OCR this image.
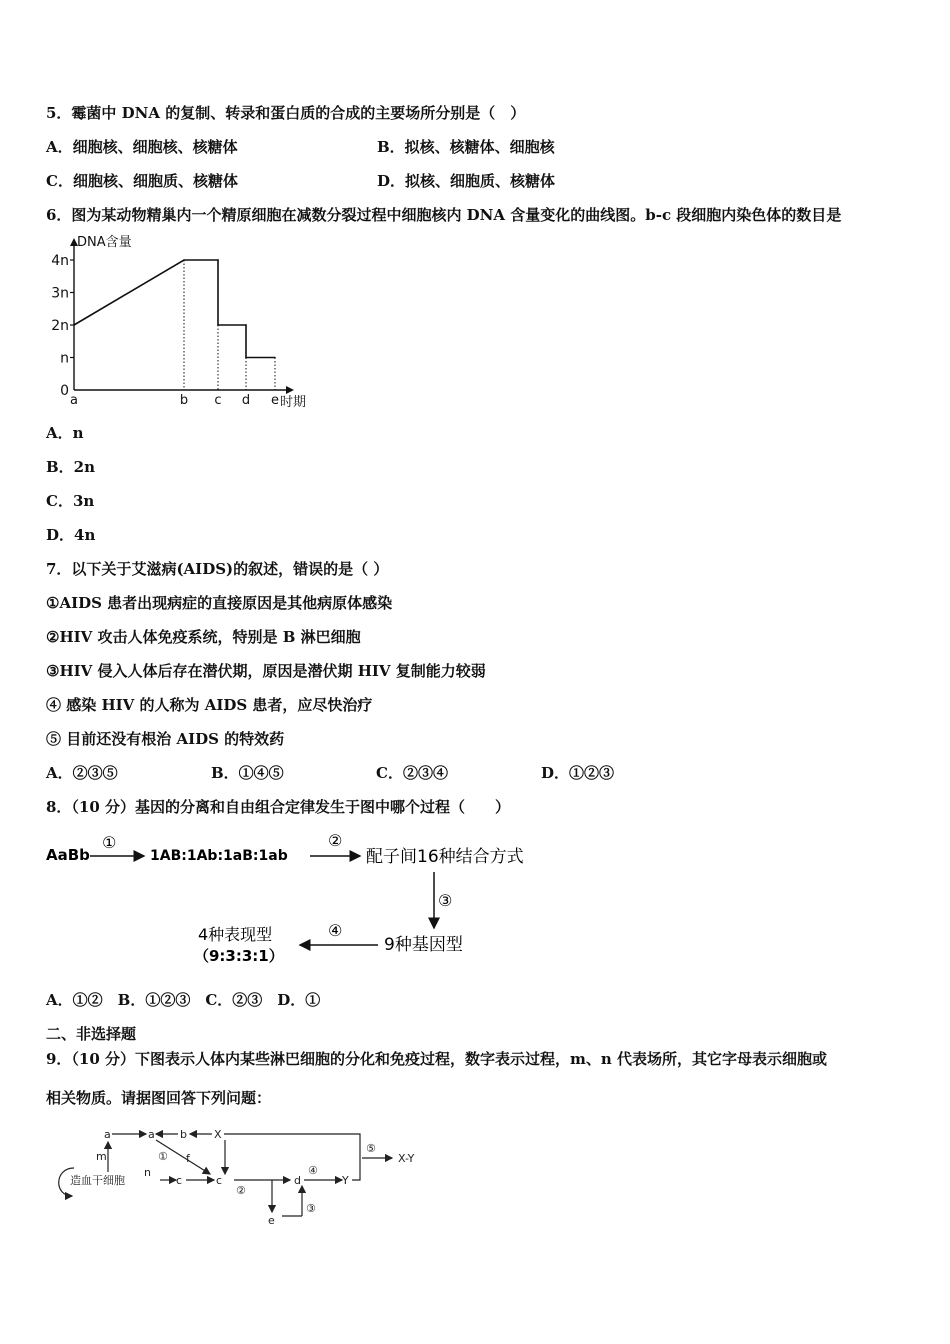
5．霉菌中 DNA 的复制、转录和蛋白质的合成的主要场所分别是（　）
A．细胞核、细胞核、核糖体	B．拟核、核糖体、细胞核
C．细胞核、细胞质、核糖体	D．拟核、细胞质、核糖体
6．图为某动物精巢内一个精原细胞在减数分裂过程中细胞核内 DNA 含量变化的曲线图。b-c 段细胞内染色体的数目是
0
n
2n
3n
4n
a	b c d e
DNA含量
时期
A．n
B．2n
C．3n
D．4n
7．以下关于艾滋病(AIDS)的叙述，错误的是（ ）
①AIDS 患者出现病症的直接原因是其他病原体感染
②HIV 攻击人体免疫系统，特别是 B 淋巴细胞
③HIV 侵入人体后存在潜伏期，原因是潜伏期 HIV 复制能力较弱
④ 感染 HIV 的人称为 AIDS 患者，应尽快治疗
⑤ 目前还没有根治 AIDS 的特效药
A．②③⑤	B．①④⑤	C．②③④	D．①②③
8．（10 分）基因的分离和自由组合定律发生于图中哪个过程（　　）
AaBb
①
1AB:1Ab:1aB:1ab
②
配子间16种结合方式
③
9种基因型
④
4种表现型
（9:3:3:1）
A．①②　B．①②③　C．②③　D．①
二、非选择题
9．（10 分）下图表示人体内某些淋巴细胞的分化和免疫过程，数字表示过程，m、n 代表场所，其它字母表示细胞或
相关物质。请据图回答下列问题：
造血干细胞
a	a b X
m
n
c	c
f
d	Y
e
X-Y
①
②
③
④
⑤
